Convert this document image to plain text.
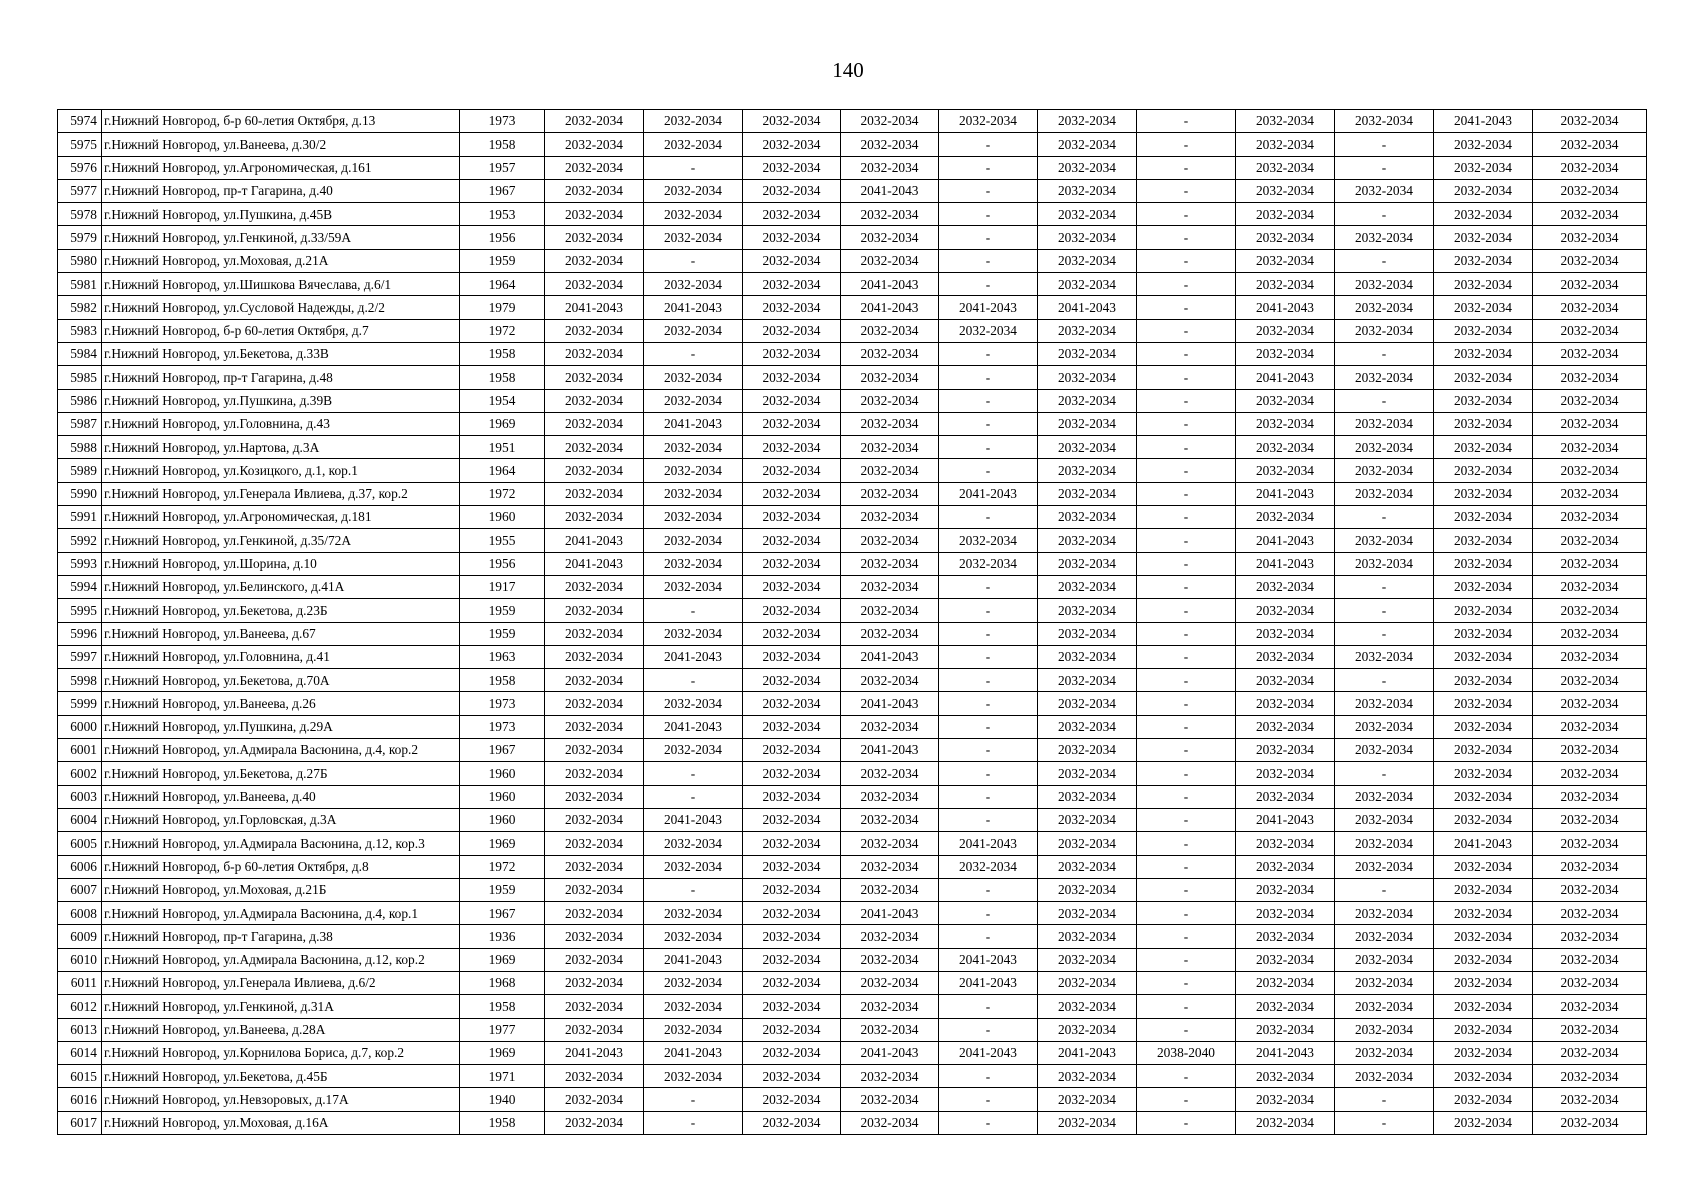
140
5974	г.Нижний Новгород, б-р 60-летия Октября, д.13	1973	2032-2034	2032-2034	2032-2034	2032-2034	2032-2034	2032-2034	-	2032-2034	2032-2034	2041-2043	2032-2034
5975	г.Нижний Новгород, ул.Ванеева, д.30/2	1958	2032-2034	2032-2034	2032-2034	2032-2034	-	2032-2034	-	2032-2034	-	2032-2034	2032-2034
5976	г.Нижний Новгород, ул.Агрономическая, д.161	1957	2032-2034	-	2032-2034	2032-2034	-	2032-2034	-	2032-2034	-	2032-2034	2032-2034
5977	г.Нижний Новгород, пр-т Гагарина, д.40	1967	2032-2034	2032-2034	2032-2034	2041-2043	-	2032-2034	-	2032-2034	2032-2034	2032-2034	2032-2034
5978	г.Нижний Новгород, ул.Пушкина, д.45В	1953	2032-2034	2032-2034	2032-2034	2032-2034	-	2032-2034	-	2032-2034	-	2032-2034	2032-2034
5979	г.Нижний Новгород, ул.Генкиной, д.33/59А	1956	2032-2034	2032-2034	2032-2034	2032-2034	-	2032-2034	-	2032-2034	2032-2034	2032-2034	2032-2034
5980	г.Нижний Новгород, ул.Моховая, д.21А	1959	2032-2034	-	2032-2034	2032-2034	-	2032-2034	-	2032-2034	-	2032-2034	2032-2034
5981	г.Нижний Новгород, ул.Шишкова Вячеслава, д.6/1	1964	2032-2034	2032-2034	2032-2034	2041-2043	-	2032-2034	-	2032-2034	2032-2034	2032-2034	2032-2034
5982	г.Нижний Новгород, ул.Сусловой Надежды, д.2/2	1979	2041-2043	2041-2043	2032-2034	2041-2043	2041-2043	2041-2043	-	2041-2043	2032-2034	2032-2034	2032-2034
5983	г.Нижний Новгород, б-р 60-летия Октября, д.7	1972	2032-2034	2032-2034	2032-2034	2032-2034	2032-2034	2032-2034	-	2032-2034	2032-2034	2032-2034	2032-2034
5984	г.Нижний Новгород, ул.Бекетова, д.33В	1958	2032-2034	-	2032-2034	2032-2034	-	2032-2034	-	2032-2034	-	2032-2034	2032-2034
5985	г.Нижний Новгород, пр-т Гагарина, д.48	1958	2032-2034	2032-2034	2032-2034	2032-2034	-	2032-2034	-	2041-2043	2032-2034	2032-2034	2032-2034
5986	г.Нижний Новгород, ул.Пушкина, д.39В	1954	2032-2034	2032-2034	2032-2034	2032-2034	-	2032-2034	-	2032-2034	-	2032-2034	2032-2034
5987	г.Нижний Новгород, ул.Головнина, д.43	1969	2032-2034	2041-2043	2032-2034	2032-2034	-	2032-2034	-	2032-2034	2032-2034	2032-2034	2032-2034
5988	г.Нижний Новгород, ул.Нартова, д.3А	1951	2032-2034	2032-2034	2032-2034	2032-2034	-	2032-2034	-	2032-2034	2032-2034	2032-2034	2032-2034
5989	г.Нижний Новгород, ул.Козицкого, д.1, кор.1	1964	2032-2034	2032-2034	2032-2034	2032-2034	-	2032-2034	-	2032-2034	2032-2034	2032-2034	2032-2034
5990	г.Нижний Новгород, ул.Генерала Ивлиева, д.37, кор.2	1972	2032-2034	2032-2034	2032-2034	2032-2034	2041-2043	2032-2034	-	2041-2043	2032-2034	2032-2034	2032-2034
5991	г.Нижний Новгород, ул.Агрономическая, д.181	1960	2032-2034	2032-2034	2032-2034	2032-2034	-	2032-2034	-	2032-2034	-	2032-2034	2032-2034
5992	г.Нижний Новгород, ул.Генкиной, д.35/72А	1955	2041-2043	2032-2034	2032-2034	2032-2034	2032-2034	2032-2034	-	2041-2043	2032-2034	2032-2034	2032-2034
5993	г.Нижний Новгород, ул.Шорина, д.10	1956	2041-2043	2032-2034	2032-2034	2032-2034	2032-2034	2032-2034	-	2041-2043	2032-2034	2032-2034	2032-2034
5994	г.Нижний Новгород, ул.Белинского, д.41А	1917	2032-2034	2032-2034	2032-2034	2032-2034	-	2032-2034	-	2032-2034	-	2032-2034	2032-2034
5995	г.Нижний Новгород, ул.Бекетова, д.23Б	1959	2032-2034	-	2032-2034	2032-2034	-	2032-2034	-	2032-2034	-	2032-2034	2032-2034
5996	г.Нижний Новгород, ул.Ванеева, д.67	1959	2032-2034	2032-2034	2032-2034	2032-2034	-	2032-2034	-	2032-2034	-	2032-2034	2032-2034
5997	г.Нижний Новгород, ул.Головнина, д.41	1963	2032-2034	2041-2043	2032-2034	2041-2043	-	2032-2034	-	2032-2034	2032-2034	2032-2034	2032-2034
5998	г.Нижний Новгород, ул.Бекетова, д.70А	1958	2032-2034	-	2032-2034	2032-2034	-	2032-2034	-	2032-2034	-	2032-2034	2032-2034
5999	г.Нижний Новгород, ул.Ванеева, д.26	1973	2032-2034	2032-2034	2032-2034	2041-2043	-	2032-2034	-	2032-2034	2032-2034	2032-2034	2032-2034
6000	г.Нижний Новгород, ул.Пушкина, д.29А	1973	2032-2034	2041-2043	2032-2034	2032-2034	-	2032-2034	-	2032-2034	2032-2034	2032-2034	2032-2034
6001	г.Нижний Новгород, ул.Адмирала Васюнина, д.4, кор.2	1967	2032-2034	2032-2034	2032-2034	2041-2043	-	2032-2034	-	2032-2034	2032-2034	2032-2034	2032-2034
6002	г.Нижний Новгород, ул.Бекетова, д.27Б	1960	2032-2034	-	2032-2034	2032-2034	-	2032-2034	-	2032-2034	-	2032-2034	2032-2034
6003	г.Нижний Новгород, ул.Ванеева, д.40	1960	2032-2034	-	2032-2034	2032-2034	-	2032-2034	-	2032-2034	2032-2034	2032-2034	2032-2034
6004	г.Нижний Новгород, ул.Горловская, д.3А	1960	2032-2034	2041-2043	2032-2034	2032-2034	-	2032-2034	-	2041-2043	2032-2034	2032-2034	2032-2034
6005	г.Нижний Новгород, ул.Адмирала Васюнина, д.12, кор.3	1969	2032-2034	2032-2034	2032-2034	2032-2034	2041-2043	2032-2034	-	2032-2034	2032-2034	2041-2043	2032-2034
6006	г.Нижний Новгород, б-р 60-летия Октября, д.8	1972	2032-2034	2032-2034	2032-2034	2032-2034	2032-2034	2032-2034	-	2032-2034	2032-2034	2032-2034	2032-2034
6007	г.Нижний Новгород, ул.Моховая, д.21Б	1959	2032-2034	-	2032-2034	2032-2034	-	2032-2034	-	2032-2034	-	2032-2034	2032-2034
6008	г.Нижний Новгород, ул.Адмирала Васюнина, д.4, кор.1	1967	2032-2034	2032-2034	2032-2034	2041-2043	-	2032-2034	-	2032-2034	2032-2034	2032-2034	2032-2034
6009	г.Нижний Новгород, пр-т Гагарина, д.38	1936	2032-2034	2032-2034	2032-2034	2032-2034	-	2032-2034	-	2032-2034	2032-2034	2032-2034	2032-2034
6010	г.Нижний Новгород, ул.Адмирала Васюнина, д.12, кор.2	1969	2032-2034	2041-2043	2032-2034	2032-2034	2041-2043	2032-2034	-	2032-2034	2032-2034	2032-2034	2032-2034
6011	г.Нижний Новгород, ул.Генерала Ивлиева, д.6/2	1968	2032-2034	2032-2034	2032-2034	2032-2034	2041-2043	2032-2034	-	2032-2034	2032-2034	2032-2034	2032-2034
6012	г.Нижний Новгород, ул.Генкиной, д.31А	1958	2032-2034	2032-2034	2032-2034	2032-2034	-	2032-2034	-	2032-2034	2032-2034	2032-2034	2032-2034
6013	г.Нижний Новгород, ул.Ванеева, д.28А	1977	2032-2034	2032-2034	2032-2034	2032-2034	-	2032-2034	-	2032-2034	2032-2034	2032-2034	2032-2034
6014	г.Нижний Новгород, ул.Корнилова Бориса, д.7, кор.2	1969	2041-2043	2041-2043	2032-2034	2041-2043	2041-2043	2041-2043	2038-2040	2041-2043	2032-2034	2032-2034	2032-2034
6015	г.Нижний Новгород, ул.Бекетова, д.45Б	1971	2032-2034	2032-2034	2032-2034	2032-2034	-	2032-2034	-	2032-2034	2032-2034	2032-2034	2032-2034
6016	г.Нижний Новгород, ул.Невзоровых, д.17А	1940	2032-2034	-	2032-2034	2032-2034	-	2032-2034	-	2032-2034	-	2032-2034	2032-2034
6017	г.Нижний Новгород, ул.Моховая, д.16А	1958	2032-2034	-	2032-2034	2032-2034	-	2032-2034	-	2032-2034	-	2032-2034	2032-2034
